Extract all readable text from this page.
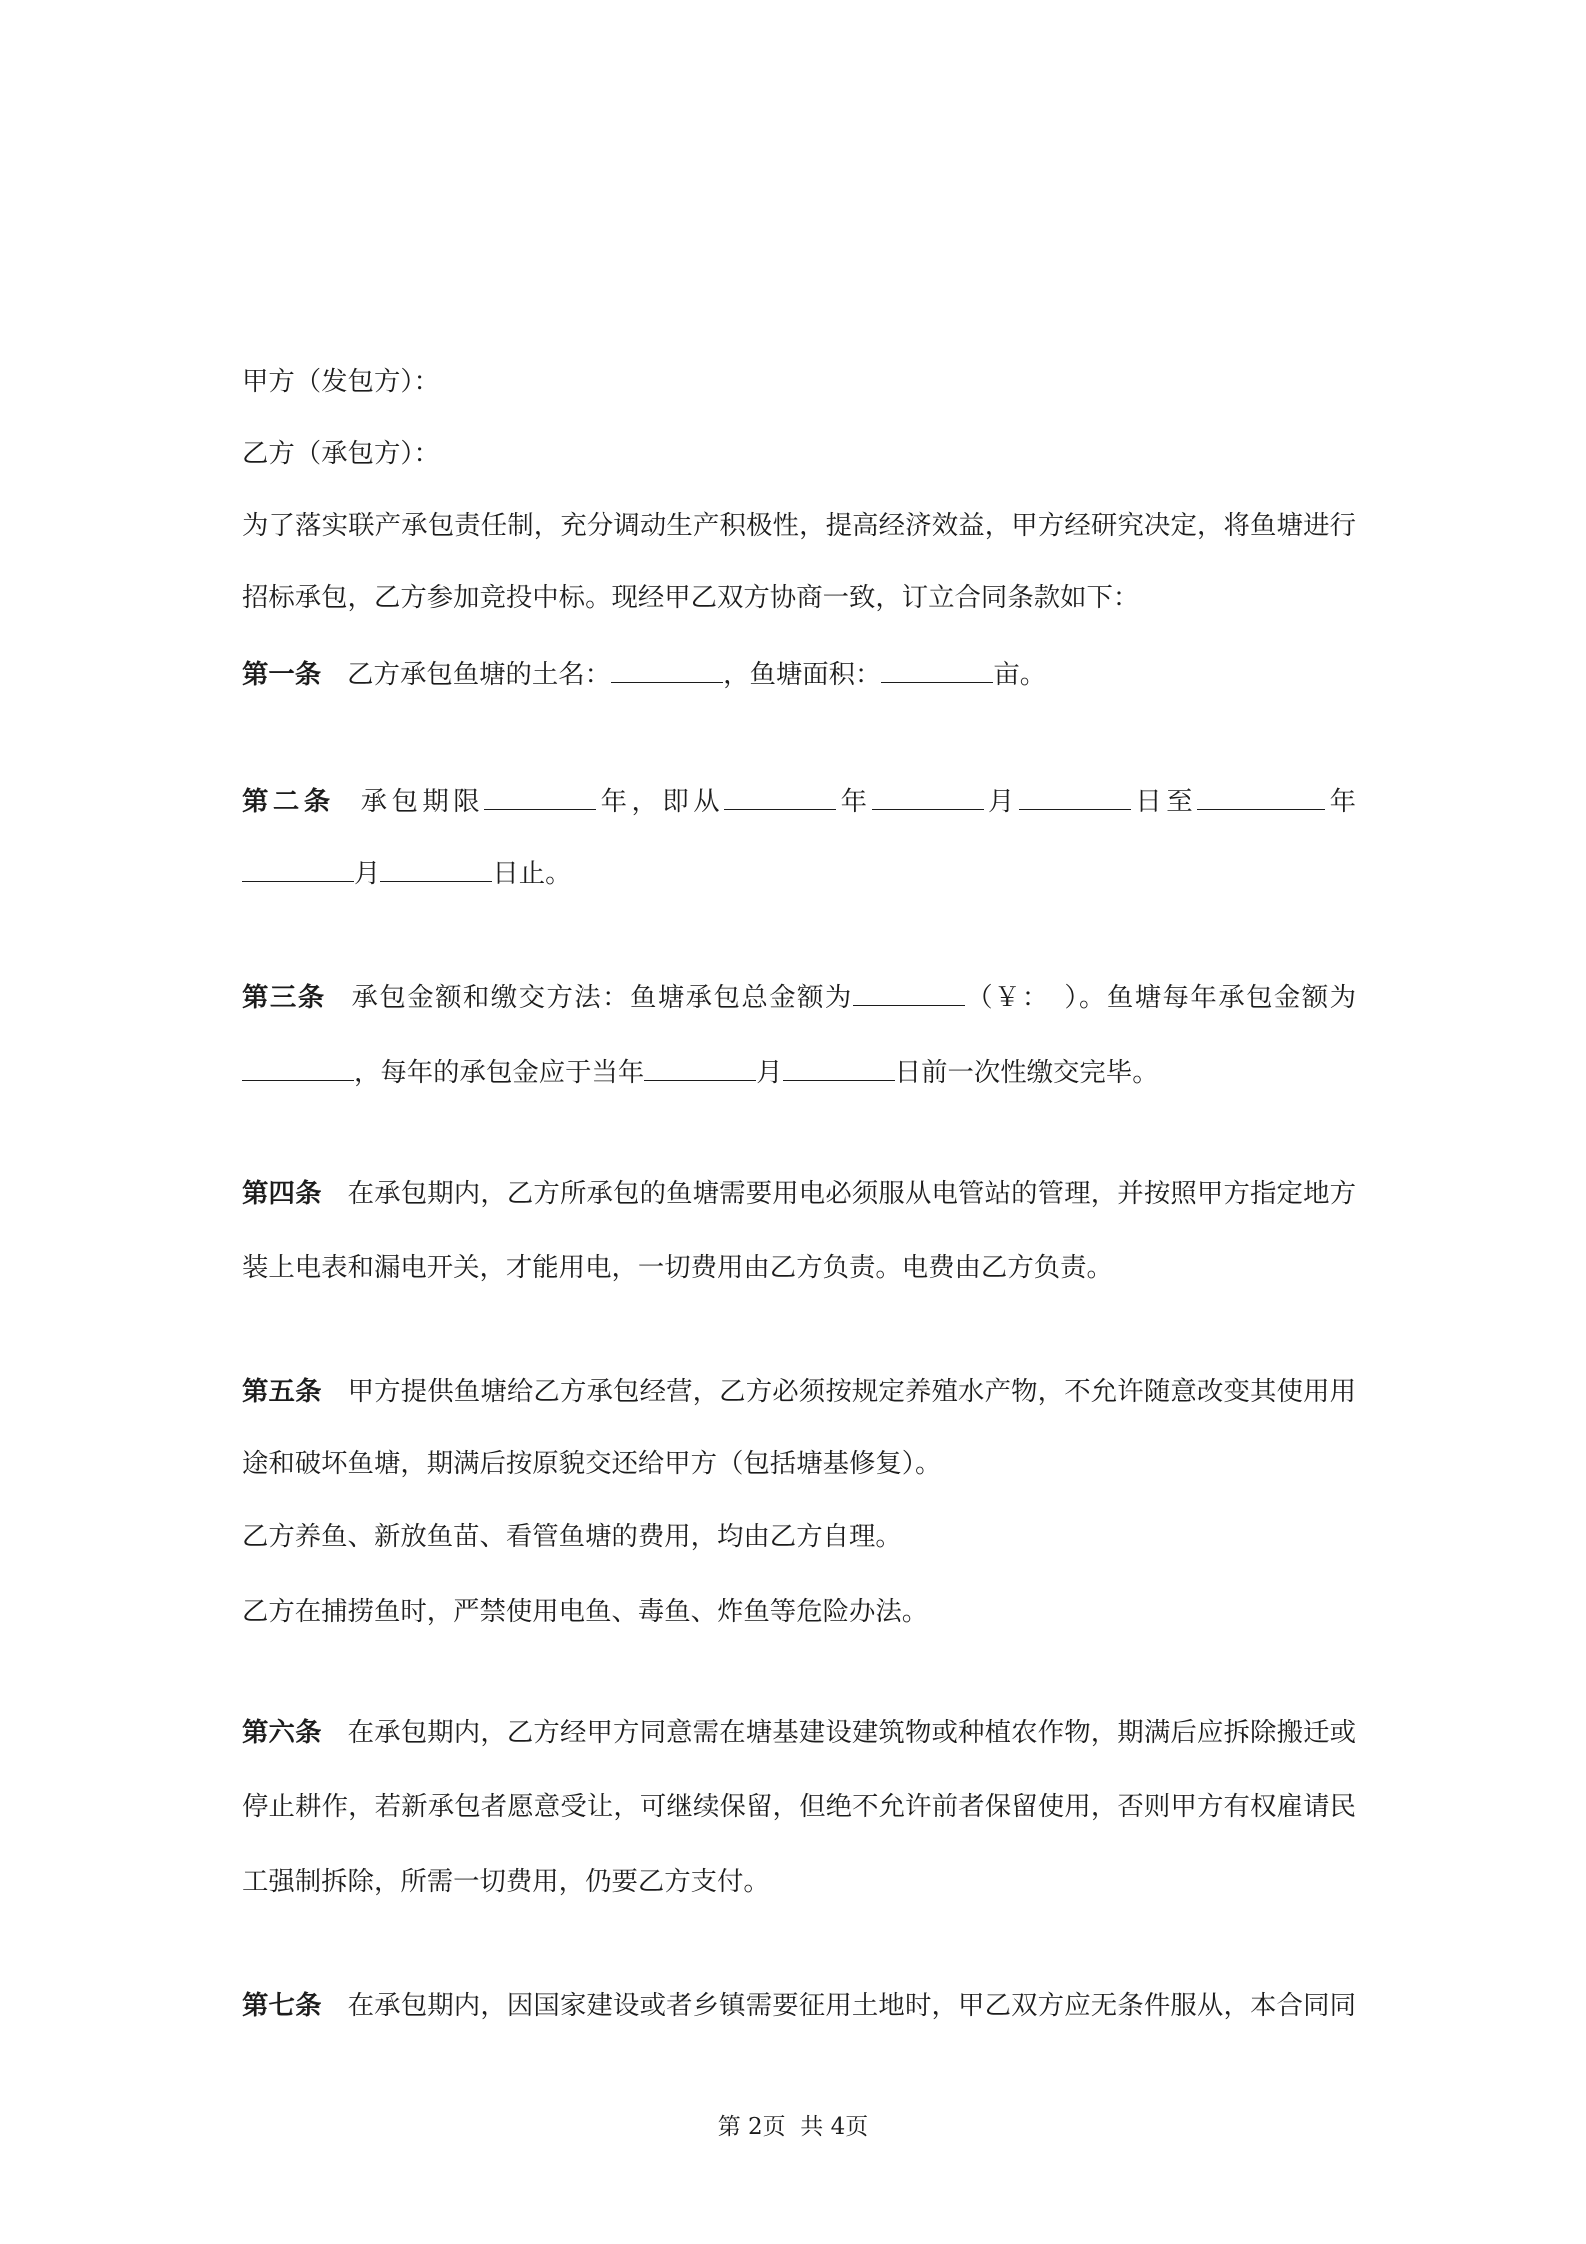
甲方（发包方）：
乙方（承包方）：
为了落实联产承包责任制，充分调动生产积极性，提高经济效益，甲方经研究决定，将鱼塘进行
招标承包，乙方参加竞投中标。现经甲乙双方协商一致，订立合同条款如下：
第一条 乙方承包鱼塘的土名：	，鱼塘面积：	亩。
第二条 承包期限	年，即从	年	月	日至	年
月	日止。
第三条 承包金额和缴交方法：鱼塘承包总金额为	（￥：　）。鱼塘每年承包金额为
，每年的承包金应于当年	月	日前一次性缴交完毕。
第四条 在承包期内，乙方所承包的鱼塘需要用电必须服从电管站的管理，并按照甲方指定地方
装上电表和漏电开关，才能用电，一切费用由乙方负责。电费由乙方负责。
第五条 甲方提供鱼塘给乙方承包经营，乙方必须按规定养殖水产物，不允许随意改变其使用用
途和破坏鱼塘，期满后按原貌交还给甲方（包括塘基修复）。
乙方养鱼、新放鱼苗、看管鱼塘的费用，均由乙方自理。
乙方在捕捞鱼时，严禁使用电鱼、毒鱼、炸鱼等危险办法。
第六条 在承包期内，乙方经甲方同意需在塘基建设建筑物或种植农作物，期满后应拆除搬迁或
停止耕作，若新承包者愿意受让，可继续保留，但绝不允许前者保留使用，否则甲方有权雇请民
工强制拆除，所需一切费用，仍要乙方支付。
第七条 在承包期内，因国家建设或者乡镇需要征用土地时，甲乙双方应无条件服从，本合同同
第 2页  共 4页
